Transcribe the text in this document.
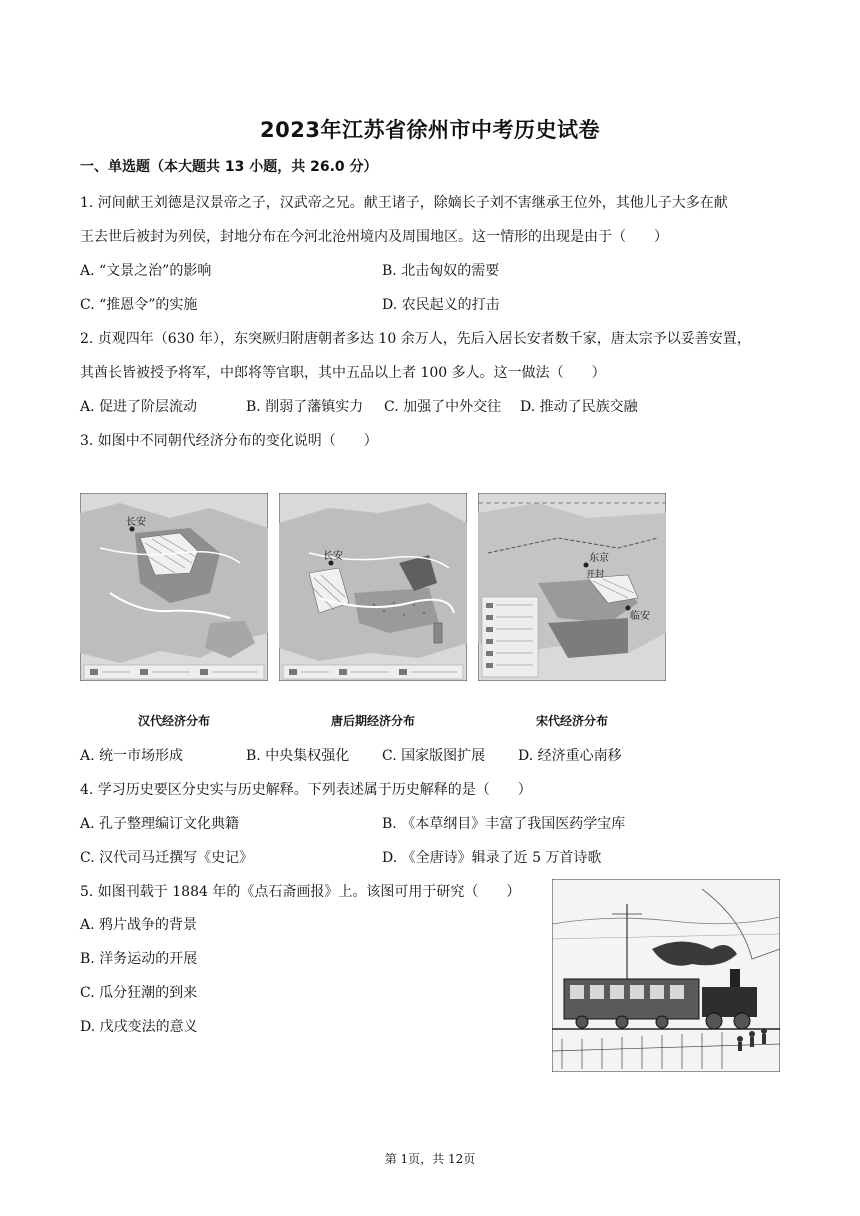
2023年江苏省徐州市中考历史试卷
一、单选题（本大题共 13 小题，共 26.0 分）
1. 河间献王刘德是汉景帝之子，汉武帝之兄。献王诸子，除嫡长子刘不害继承王位外，其他儿子大多在献
王去世后被封为列侯，封地分布在今河北沧州境内及周围地区。这一情形的出现是由于（　　）
A. “文景之治”的影响	B. 北击匈奴的需要
C. “推恩令”的实施	D. 农民起义的打击
2. 贞观四年（630 年），东突厥归附唐朝者多达 10 余万人，先后入居长安者数千家，唐太宗予以妥善安置，
其酋长皆被授予将军，中郎将等官职，其中五品以上者 100 多人。这一做法（　　）
A. 促进了阶层流动	B. 削弱了藩镇实力 C. 加强了中外交往 D. 推动了民族交融
3. 如图中不同朝代经济分布的变化说明（　　）
长安
汉代经济分布
长安
唐后期经济分布
东京
开封
临安
宋代经济分布
A. 统一市场形成	B. 中央集权强化 C. 国家版图扩展 D. 经济重心南移
4. 学习历史要区分史实与历史解释。下列表述属于历史解释的是（　　）
A. 孔子整理编订文化典籍	B. 《本草纲目》丰富了我国医药学宝库
C. 汉代司马迁撰写《史记》	D. 《全唐诗》辑录了近 5 万首诗歌
5. 如图刊载于 1884 年的《点石斋画报》上。该图可用于研究（　　）
A. 鸦片战争的背景
B. 洋务运动的开展
C. 瓜分狂潮的到来
D. 戊戌变法的意义
第 1页，共 12页
